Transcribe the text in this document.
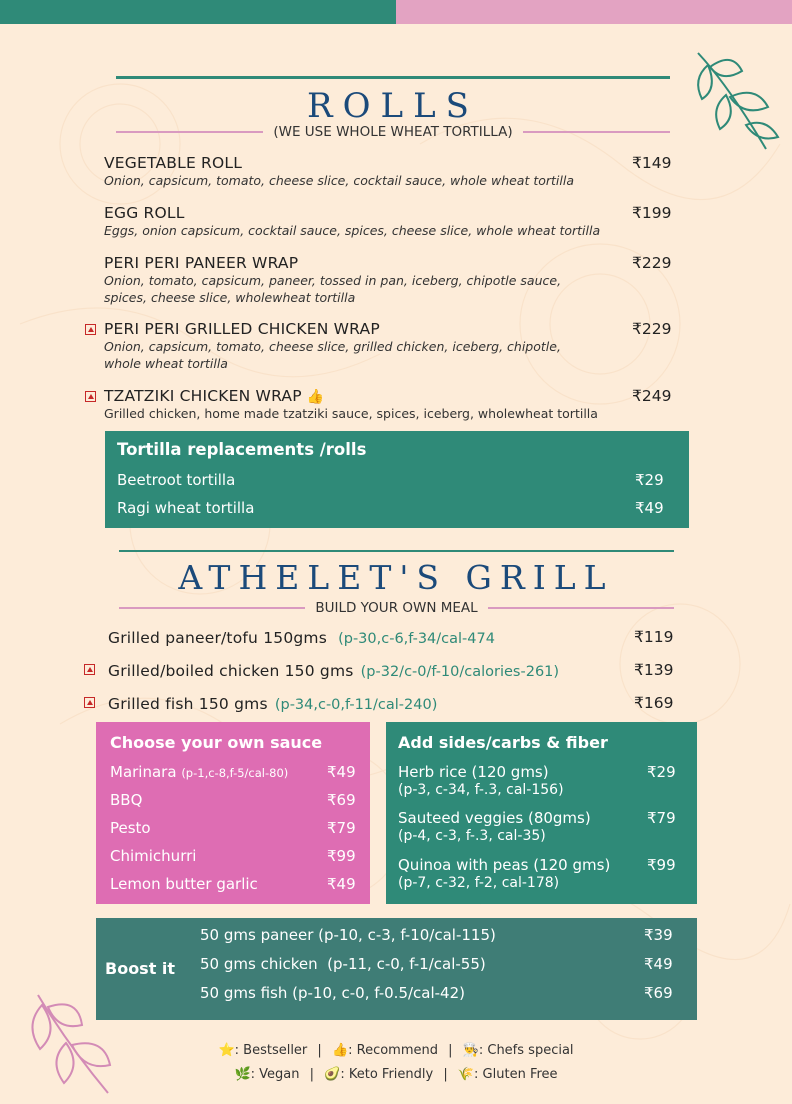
ROLLS
(WE USE WHOLE WHEAT TORTILLA)
VEGETABLE ROLL
Onion, capsicum, tomato, cheese slice, cocktail sauce, whole wheat tortilla
₹149
EGG ROLL
Eggs, onion capsicum, cocktail sauce, spices, cheese slice, whole wheat tortilla
₹199
PERI PERI PANEER WRAP
Onion, tomato, capsicum, paneer, tossed in pan, iceberg, chipotle sauce,
spices, cheese slice, wholewheat tortilla
₹229
PERI PERI GRILLED CHICKEN WRAP
Onion, capsicum, tomato, cheese slice, grilled chicken, iceberg, chipotle,
whole wheat tortilla
₹229
TZATZIKI CHICKEN WRAP 👍
Grilled chicken, home made tzatziki sauce, spices, iceberg, wholewheat tortilla
₹249
Tortilla replacements /rolls
Beetroot tortilla	₹29
Ragi wheat tortilla	₹49
ATHELET'S GRILL
BUILD YOUR OWN MEAL
Grilled paneer/tofu 150gms (p-30,c-6,f-34/cal-474	₹119
Grilled/boiled chicken 150 gms (p-32/c-0/f-10/calories-261)	₹139
Grilled fish 150 gms (p-34,c-0,f-11/cal-240)	₹169
Choose your own sauce
Marinara (p-1,c-8,f-5/cal-80)	₹49
BBQ	₹69
Pesto	₹79
Chimichurri	₹99
Lemon butter garlic	₹49
Add sides/carbs & fiber
Herb rice (120 gms)
(p-3, c-34, f-.3, cal-156)
₹29
Sauteed veggies (80gms)
(p-4, c-3, f-.3, cal-35)
₹79
Quinoa with peas (120 gms)
(p-7, c-32, f-2, cal-178)
₹99
Boost it
50 gms paneer (p-10, c-3, f-10/cal-115)	₹39
50 gms chicken  (p-11, c-0, f-1/cal-55)	₹49
50 gms fish (p-10, c-0, f-0.5/cal-42)	₹69
⭐: Bestseller | 👍: Recommend | 👨‍🍳: Chefs special
🌿: Vegan | 🥑: Keto Friendly | 🌾: Gluten Free
